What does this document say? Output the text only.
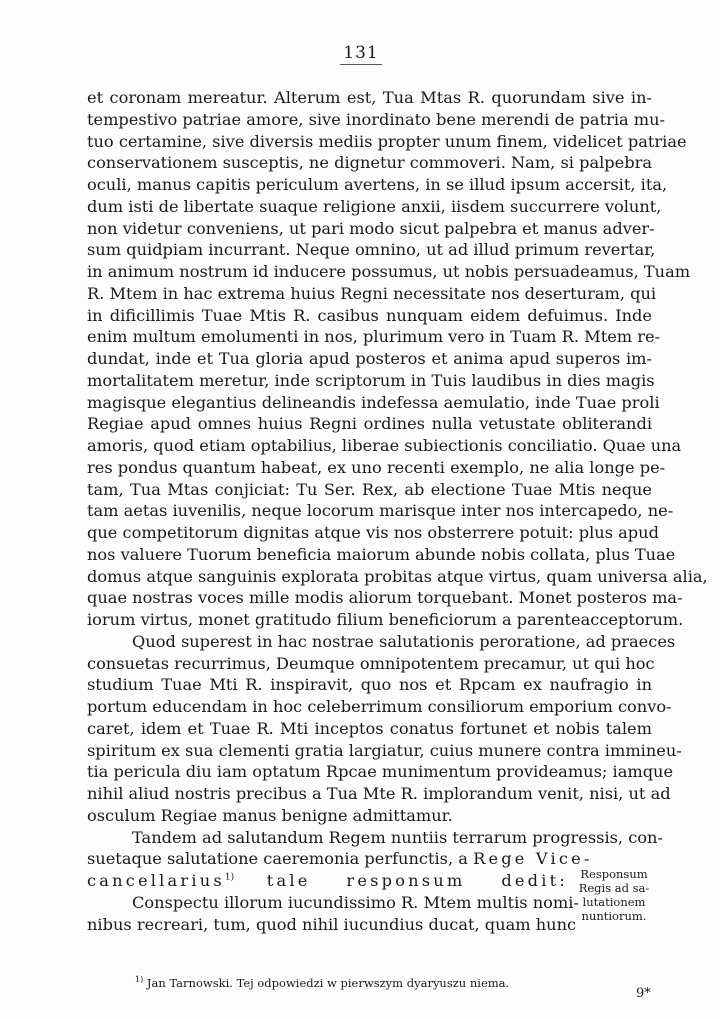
131
et coronam mereatur. Alterum est, Tua Mtas R. quorundam sive in-
tempestivo patriae amore, sive inordinato bene merendi de patria mu-
tuo certamine, sive diversis mediis propter unum finem, videlicet patriae
conservationem susceptis, ne dignetur commoveri. Nam, si palpebra
oculi, manus capitis periculum avertens, in se illud ipsum accersit, ita,
dum isti de libertate suaque religione anxii, iisdem succurrere volunt,
non videtur conveniens, ut pari modo sicut palpebra et manus adver-
sum quidpiam incurrant. Neque omnino, ut ad illud primum revertar,
in animum nostrum id inducere possumus, ut nobis persuadeamus, Tuam
R. Mtem in hac extrema huius Regni necessitate nos deserturam, qui
in dificillimis Tuae Mtis R. casibus nunquam eidem defuimus. Inde
enim multum emolumenti in nos, plurimum vero in Tuam R. Mtem re-
dundat, inde et Tua gloria apud posteros et anima apud superos im-
mortalitatem meretur, inde scriptorum in Tuis laudibus in dies magis
magisque elegantius delineandis indefessa aemulatio, inde Tuae proli
Regiae apud omnes huius Regni ordines nulla vetustate obliterandi
amoris, quod etiam optabilius, liberae subiectionis conciliatio. Quae una
res pondus quantum habeat, ex uno recenti exemplo, ne alia longe pe-
tam, Tua Mtas conjiciat: Tu Ser. Rex, ab electione Tuae Mtis neque
tam aetas iuvenilis, neque locorum marisque inter nos intercapedo, ne-
que competitorum dignitas atque vis nos obsterrere potuit: plus apud
nos valuere Tuorum beneficia maiorum abunde nobis collata, plus Tuae
domus atque sanguinis explorata probitas atque virtus, quam universa alia,
quae nostras voces mille modis aliorum torquebant. Monet posteros ma-
iorum virtus, monet gratitudo filium beneficiorum a parenteacceptorum.
Quod superest in hac nostrae salutationis peroratione, ad praeces
consuetas recurrimus, Deumque omnipotentem precamur, ut qui hoc
studium Tuae Mti R. inspiravit, quo nos et Rpcam ex naufragio in
portum educendam in hoc celeberrimum consiliorum emporium convo-
caret, idem et Tuae R. Mti inceptos conatus fortunet et nobis talem
spiritum ex sua clementi gratia largiatur, cuius munere contra immineu-
tia pericula diu iam optatum Rpcae munimentum provideamus; iamque
nihil aliud nostris precibus a Tua Mte R. implorandum venit, nisi, ut ad
osculum Regiae manus benigne admittamur.
Tandem ad salutandum Regem nuntiis terrarum progressis, con-
suetaque salutatione caeremonia perfunctis, a Rege Vice-
cancellarius$^{1)}$ tale responsum dedit:
Conspectu illorum iucundissimo R. Mtem multis nomi-
nibus recreari, tum, quod nihil iucundius ducat, quam hunc
Responsum
Regis ad sa-
lutationem
nuntiorum.
$^{1)}$ Jan Tarnowski. Tej odpowiedzi w pierwszym dyaryuszu niema.
9*
